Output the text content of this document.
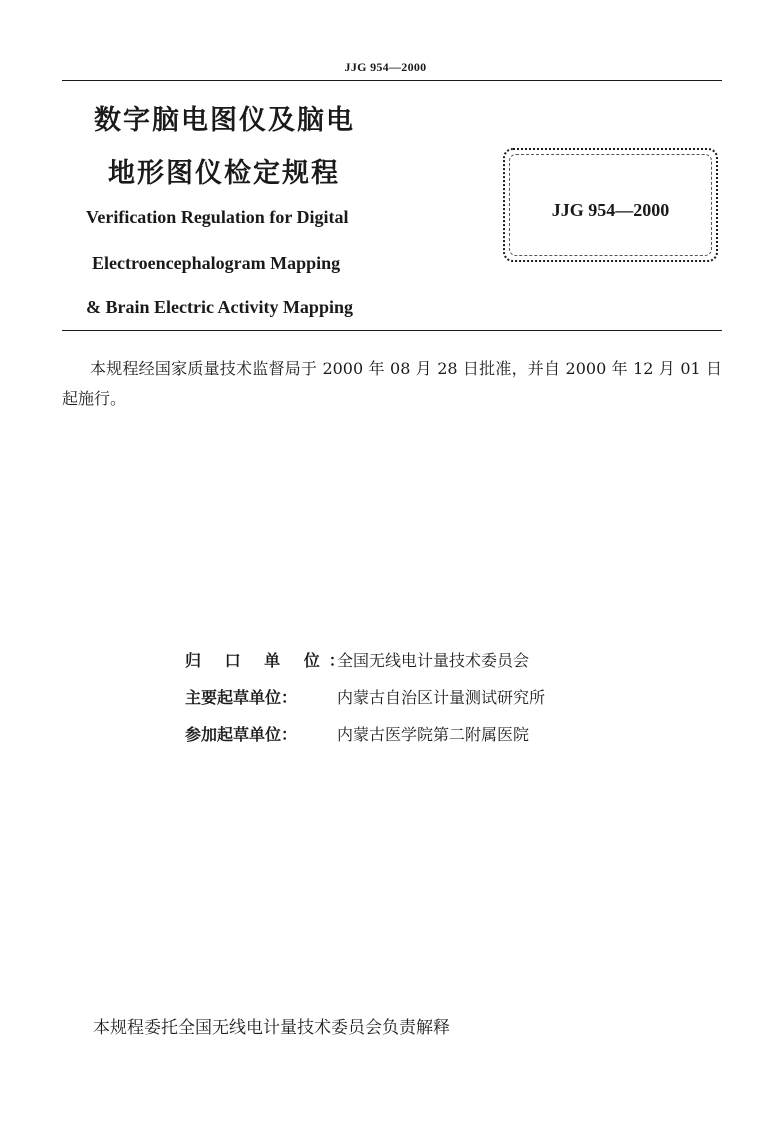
JJG 954—2000
数字脑电图仪及脑电
地形图仪检定规程
Verification Regulation for Digital
Electroencephalogram Mapping
& Brain Electric Activity Mapping
JJG 954—2000
本规程经国家质量技术监督局于 2000 年 08 月 28 日批准，并自 2000 年 12 月 01 日起施行。
归 口 单 位：全国无线电计量技术委员会
主要起草单位： 内蒙古自治区计量测试研究所
参加起草单位： 内蒙古医学院第二附属医院
本规程委托全国无线电计量技术委员会负责解释
